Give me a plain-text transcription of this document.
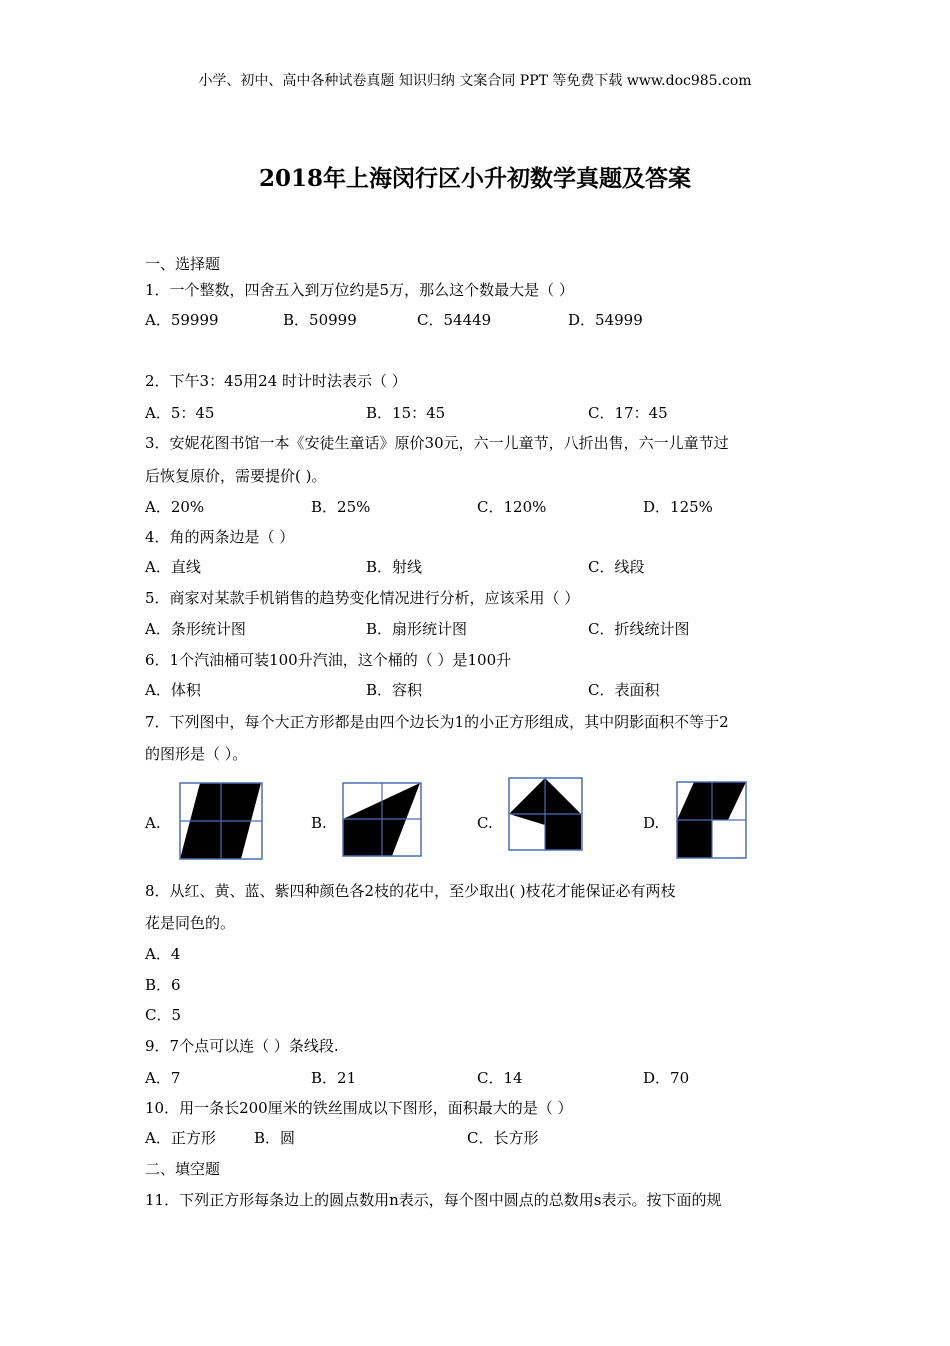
小学、初中、高中各种试卷真题 知识归纳 文案合同 PPT 等免费下载 www.doc985.com
2018年上海闵行区小升初数学真题及答案
一、选择题
1．一个整数，四舍五入到万位约是5万，那么这个数最大是（ ）
A．59999	B．50999	C．54449	D．54999
2．下午3：45用24 时计时法表示（ ）
A．5：45	B．15：45	C．17：45
3．安妮花图书馆一本《安徒生童话》原价30元，六一儿童节，八折出售，六一儿童节过
后恢复原价，需要提价( )。
A．20%	B．25%	C．120%	D．125%
4．角的两条边是（ ）
A．直线	B．射线	C．线段
5．商家对某款手机销售的趋势变化情况进行分析，应该采用（ ）
A．条形统计图	B．扇形统计图	C．折线统计图
6．1个汽油桶可装100升汽油，这个桶的（ ）是100升
A．体积	B．容积	C．表面积
7．下列图中，每个大正方形都是由四个边长为1的小正方形组成，其中阴影面积不等于2
的图形是（ ）。
A.	B.	C.	D.
8．从红、黄、蓝、紫四种颜色各2枝的花中，至少取出( )枝花才能保证必有两枝
花是同色的。
A．4
B．6
C．5
9．7个点可以连（ ）条线段.
A．7	B．21	C．14	D．70
10．用一条长200厘米的铁丝围成以下图形，面积最大的是（ ）
A．正方形	B．圆	C．长方形
二、填空题
11．下列正方形每条边上的圆点数用n表示，每个图中圆点的总数用s表示。按下面的规
